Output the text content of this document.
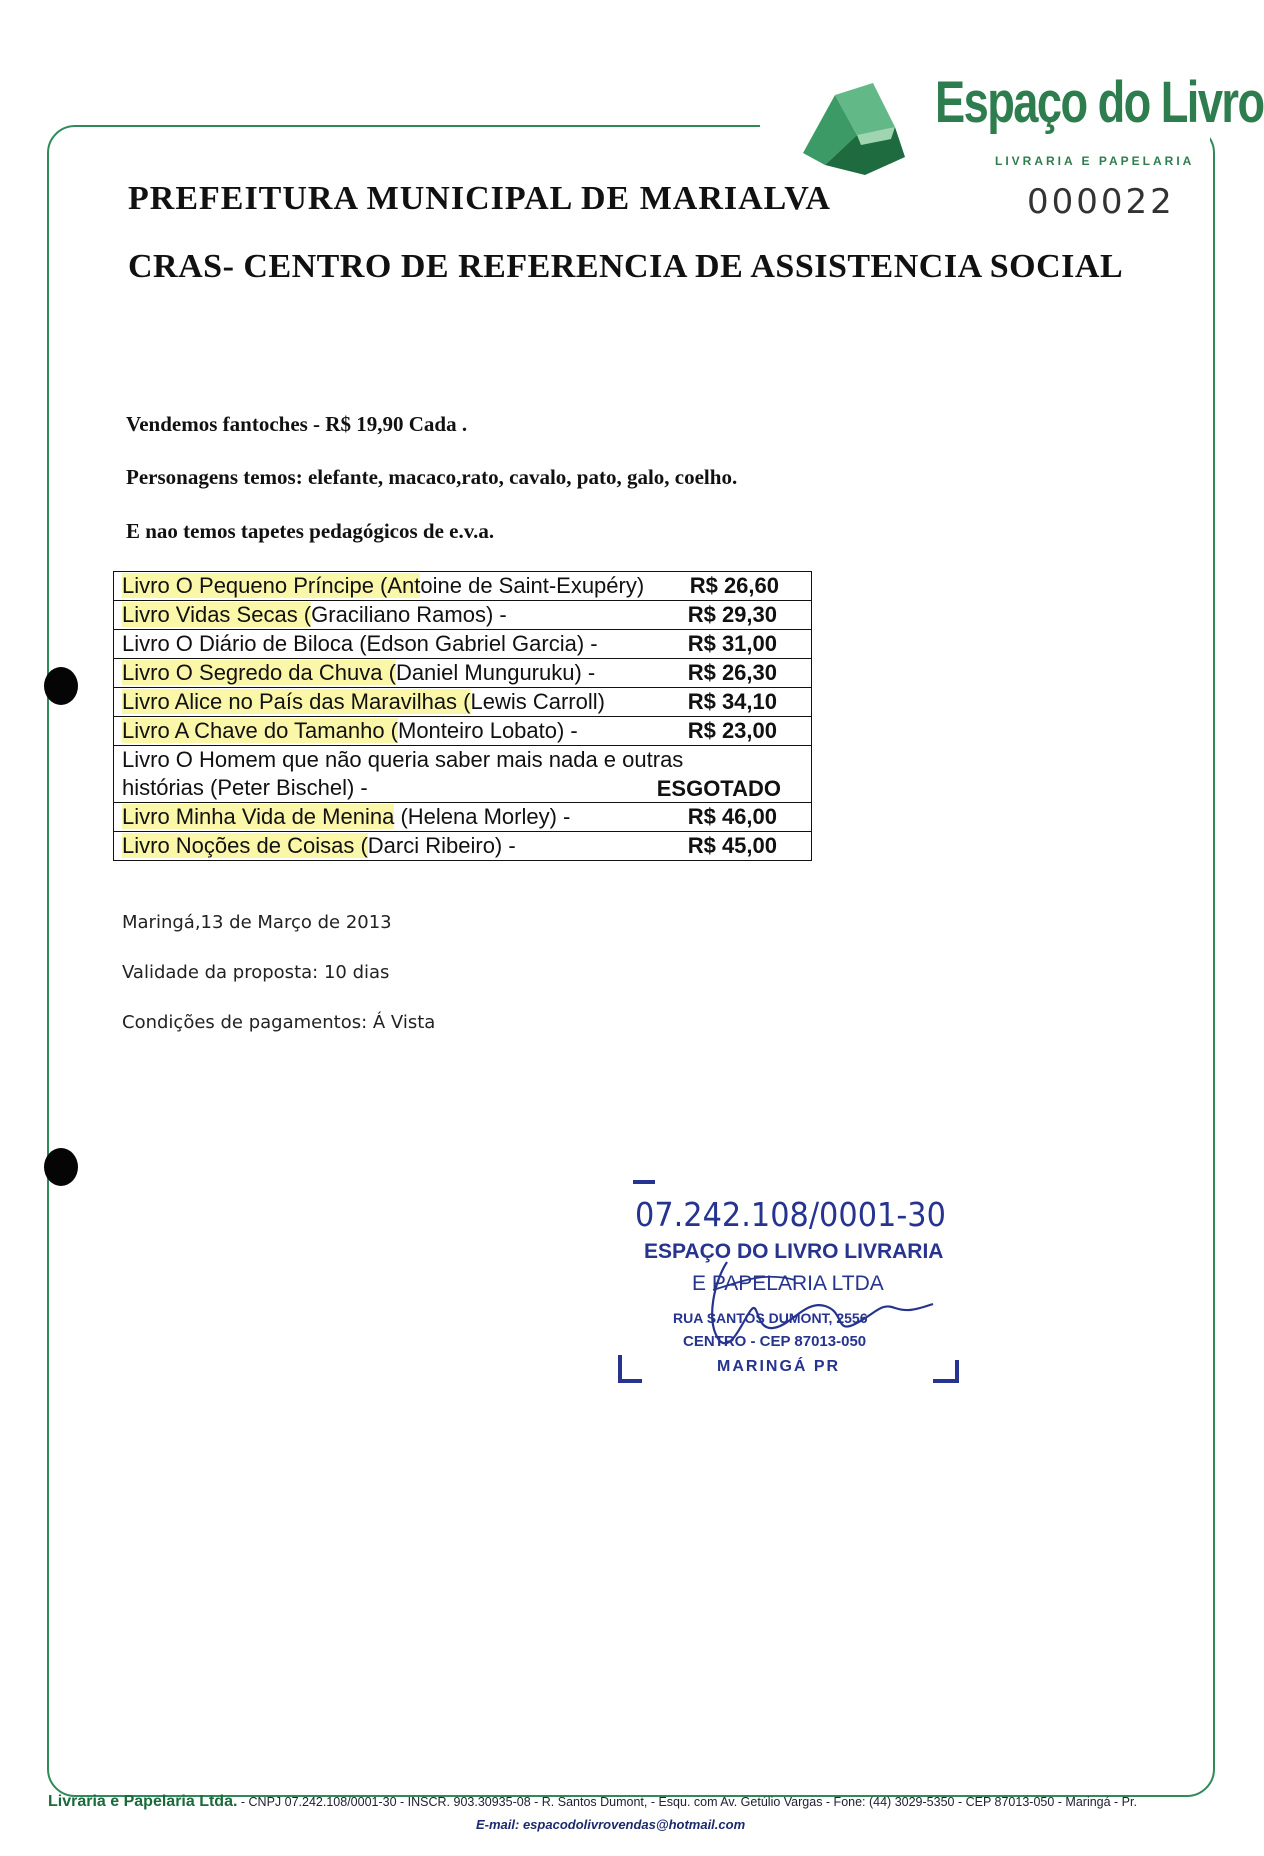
Espaço do Livro
LIVRARIA E PAPELARIA
000022
PREFEITURA MUNICIPAL DE MARIALVA
CRAS- CENTRO DE REFERENCIA DE ASSISTENCIA SOCIAL
Vendemos fantoches - R$ 19,90 Cada .
Personagens temos: elefante, macaco,rato, cavalo, pato, galo, coelho.
E nao temos tapetes pedagógicos de e.v.a.
Livro O Pequeno Príncipe (Antoine de Saint-Exupéry) R$ 26,60

Livro Vidas Secas (Graciliano Ramos) -	R$ 29,30

Livro O Diário de Biloca (Edson Gabriel Garcia) -	R$ 31,00

Livro O Segredo da Chuva (Daniel Munguruku) -	R$ 26,30

Livro Alice no País das Maravilhas (Lewis Carroll)	R$ 34,10

Livro A Chave do Tamanho (Monteiro Lobato) -	R$ 23,00

Livro O Homem que não queria saber mais nada e outras
histórias (Peter Bischel) -	ESGOTADO

Livro Minha Vida de Menina (Helena Morley) -	R$ 46,00

Livro Noções de Coisas (Darci Ribeiro) -	R$ 45,00
Maringá,13 de Março de 2013
Validade da proposta: 10 dias
Condições de pagamentos: Á Vista
07.242.108/0001-30
ESPAÇO DO LIVRO LIVRARIA
E PAPELARIA LTDA
RUA SANTOS DUMONT, 2556
CENTRO - CEP 87013-050
MARINGÁ PR
Livraria e Papelaria Ltda. - CNPJ 07.242.108/0001-30 - INSCR. 903.30935-08 - R. Santos Dumont, - Esqu. com Av. Getúlio Vargas - Fone: (44) 3029-5350 - CEP 87013-050 - Maringá - Pr.
E-mail: espacodolivrovendas@hotmail.com
